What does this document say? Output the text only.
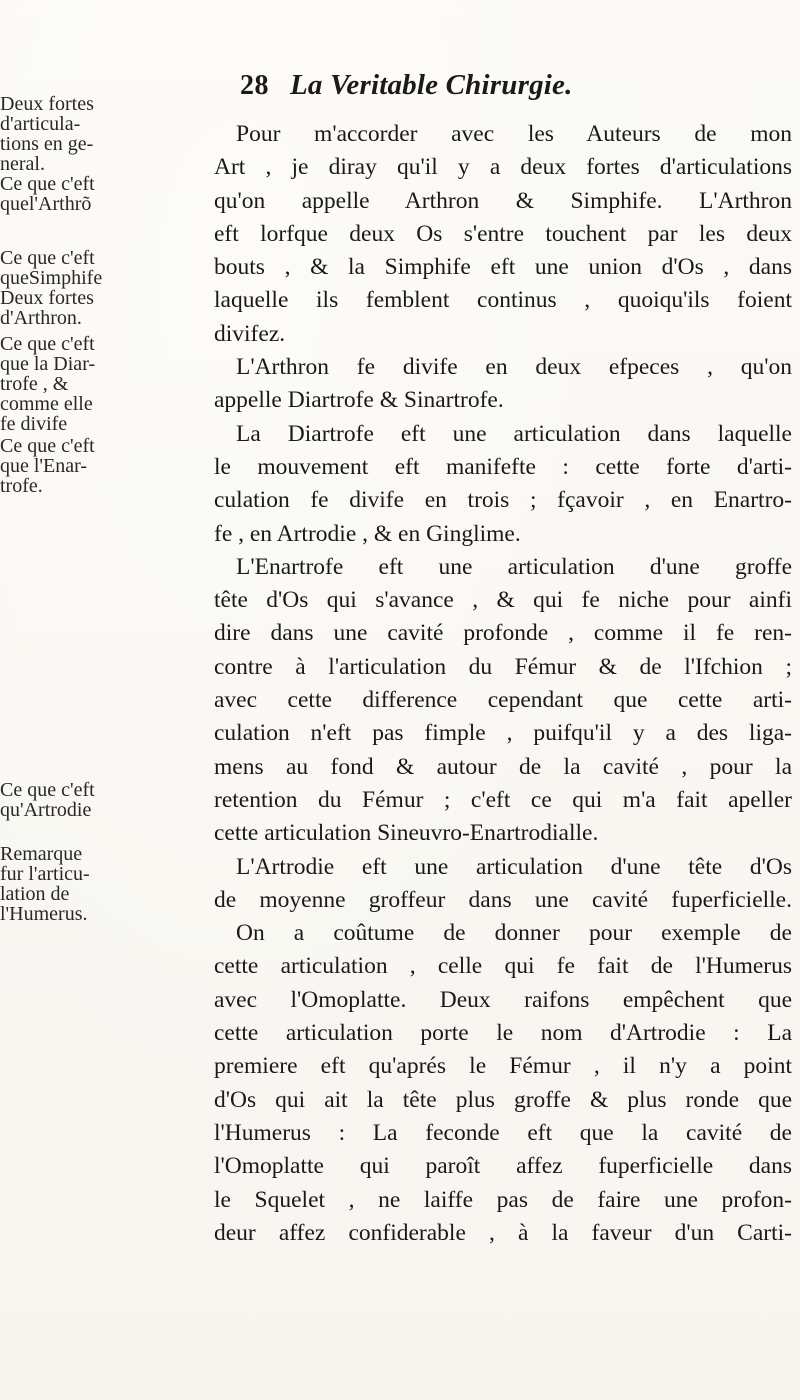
28 La Veritable Chirurgie.
Deux fortes
d'articula-
tions en ge-
neral.
Ce que c'eft
quel'Arthrõ
Ce que c'eft
queSimphife
Deux fortes
d'Arthron.
Ce que c'eft
que la Diar-
trofe , &
comme elle
fe divife
Ce que c'eft
que l'Enar-
trofe.
Ce que c'eft
qu'Artrodie
Remarque
fur l'articu-
lation de
l'Humerus.
Pour m'accorder avec les Auteurs de mon
Art , je diray qu'il y a deux fortes d'articulations
qu'on appelle Arthron & Simphife. L'Arthron
eft lorfque deux Os s'entre touchent par les deux
bouts , & la Simphife eft une union d'Os , dans
laquelle ils femblent continus , quoiqu'ils foient
divifez.
L'Arthron fe divife en deux efpeces , qu'on
appelle Diartrofe & Sinartrofe.
La Diartrofe eft une articulation dans laquelle
le mouvement eft manifefte : cette forte d'arti-
culation fe divife en trois ; fçavoir , en Enartro-
fe , en Artrodie , & en Ginglime.
L'Enartrofe eft une articulation d'une groffe
tête d'Os qui s'avance , & qui fe niche pour ainfi
dire dans une cavité profonde , comme il fe ren-
contre à l'articulation du Fémur & de l'Ifchion ;
avec cette difference cependant que cette arti-
culation n'eft pas fimple , puifqu'il y a des liga-
mens au fond & autour de la cavité , pour la
retention du Fémur ; c'eft ce qui m'a fait apeller
cette articulation Sineuvro-Enartrodialle.
L'Artrodie eft une articulation d'une tête d'Os
de moyenne groffeur dans une cavité fuperficielle.
On a coûtume de donner pour exemple de
cette articulation , celle qui fe fait de l'Humerus
avec l'Omoplatte. Deux raifons empêchent que
cette articulation porte le nom d'Artrodie : La
premiere eft qu'aprés le Fémur , il n'y a point
d'Os qui ait la tête plus groffe & plus ronde que
l'Humerus : La feconde eft que la cavité de
l'Omoplatte qui paroît affez fuperficielle dans
le Squelet , ne laiffe pas de faire une profon-
deur affez confiderable , à la faveur d'un Carti-
